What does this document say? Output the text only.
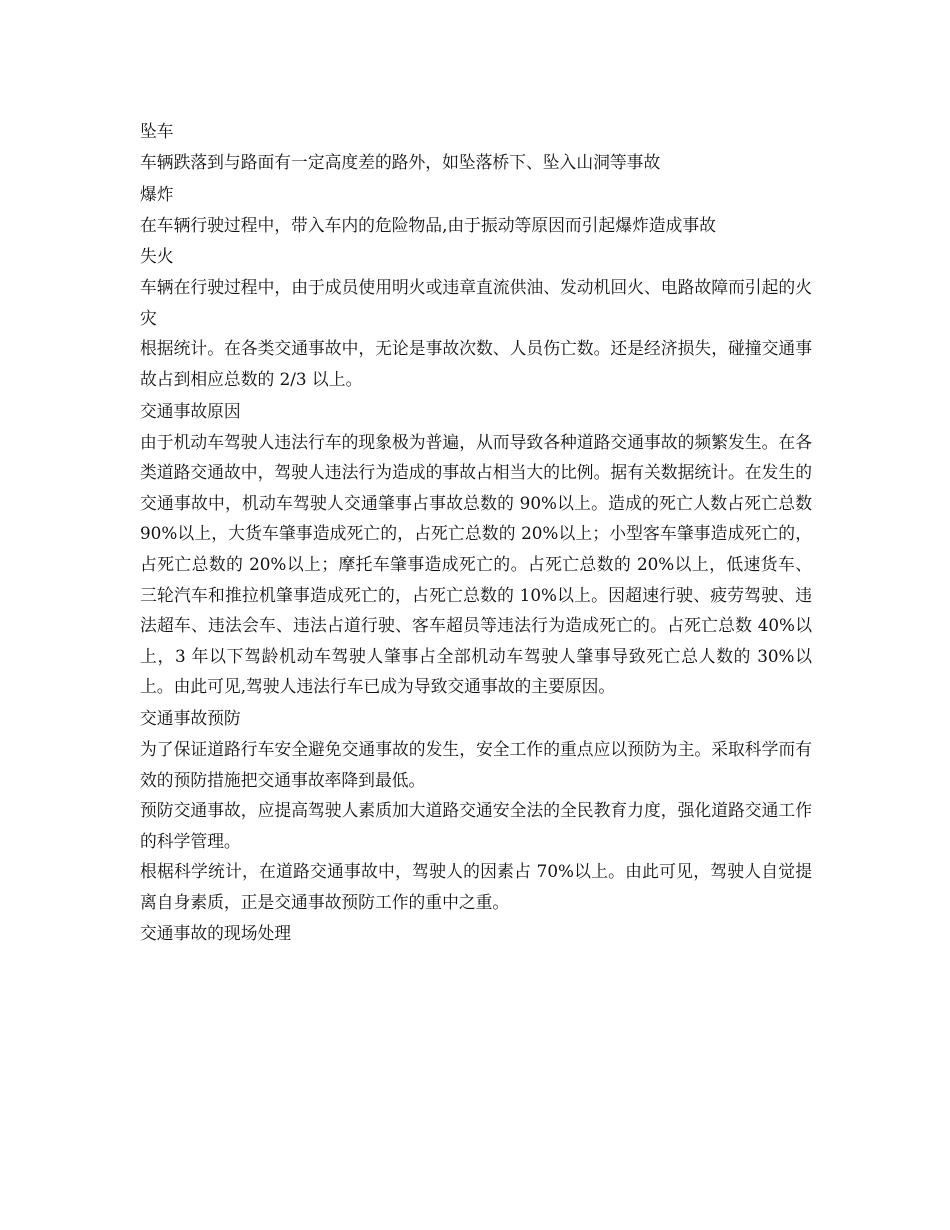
坠车

车辆跌落到与路面有一定高度差的路外，如坠落桥下、坠入山洞等事故

爆炸

在车辆行驶过程中，带入车内的危险物品,由于振动等原因而引起爆炸造成事故

失火

车辆在行驶过程中，由于成员使用明火或违章直流供油、发动机回火、电路故障而引起的火灾

根据统计。在各类交通事故中，无论是事故次数、人员伤亡数。还是经济损失，碰撞交通事故占到相应总数的 2/3 以上。

交通事故原因

由于机动车驾驶人违法行车的现象极为普遍，从而导致各种道路交通事故的频繁发生。在各类道路交通故中，驾驶人违法行为造成的事故占相当大的比例。据有关数据统计。在发生的交通事故中，机动车驾驶人交通肇事占事故总数的 90%以上。造成的死亡人数占死亡总数 90%以上，大货车肇事造成死亡的，占死亡总数的 20%以上；小型客车肇事造成死亡的，占死亡总数的 20%以上；摩托车肇事造成死亡的。占死亡总数的 20%以上，低速货车、三轮汽车和推拉机肇事造成死亡的，占死亡总数的 10%以上。因超速行驶、疲劳驾驶、违法超车、违法会车、违法占道行驶、客车超员等违法行为造成死亡的。占死亡总数 40%以上，3 年以下驾龄机动车驾驶人肇事占全部机动车驾驶人肇事导致死亡总人数的 30%以上。由此可见,驾驶人违法行车已成为导致交通事故的主要原因。

交通事故预防

为了保证道路行车安全避免交通事故的发生，安全工作的重点应以预防为主。采取科学而有效的预防措施把交通事故率降到最低。

预防交通事故，应提高驾驶人素质加大道路交通安全法的全民教育力度，强化道路交通工作的科学管理。

根椐科学统计，在道路交通事故中，驾驶人的因素占 70%以上。由此可见，驾驶人自觉提离自身素质，正是交通事故预防工作的重中之重。

交通事故的现场处理
